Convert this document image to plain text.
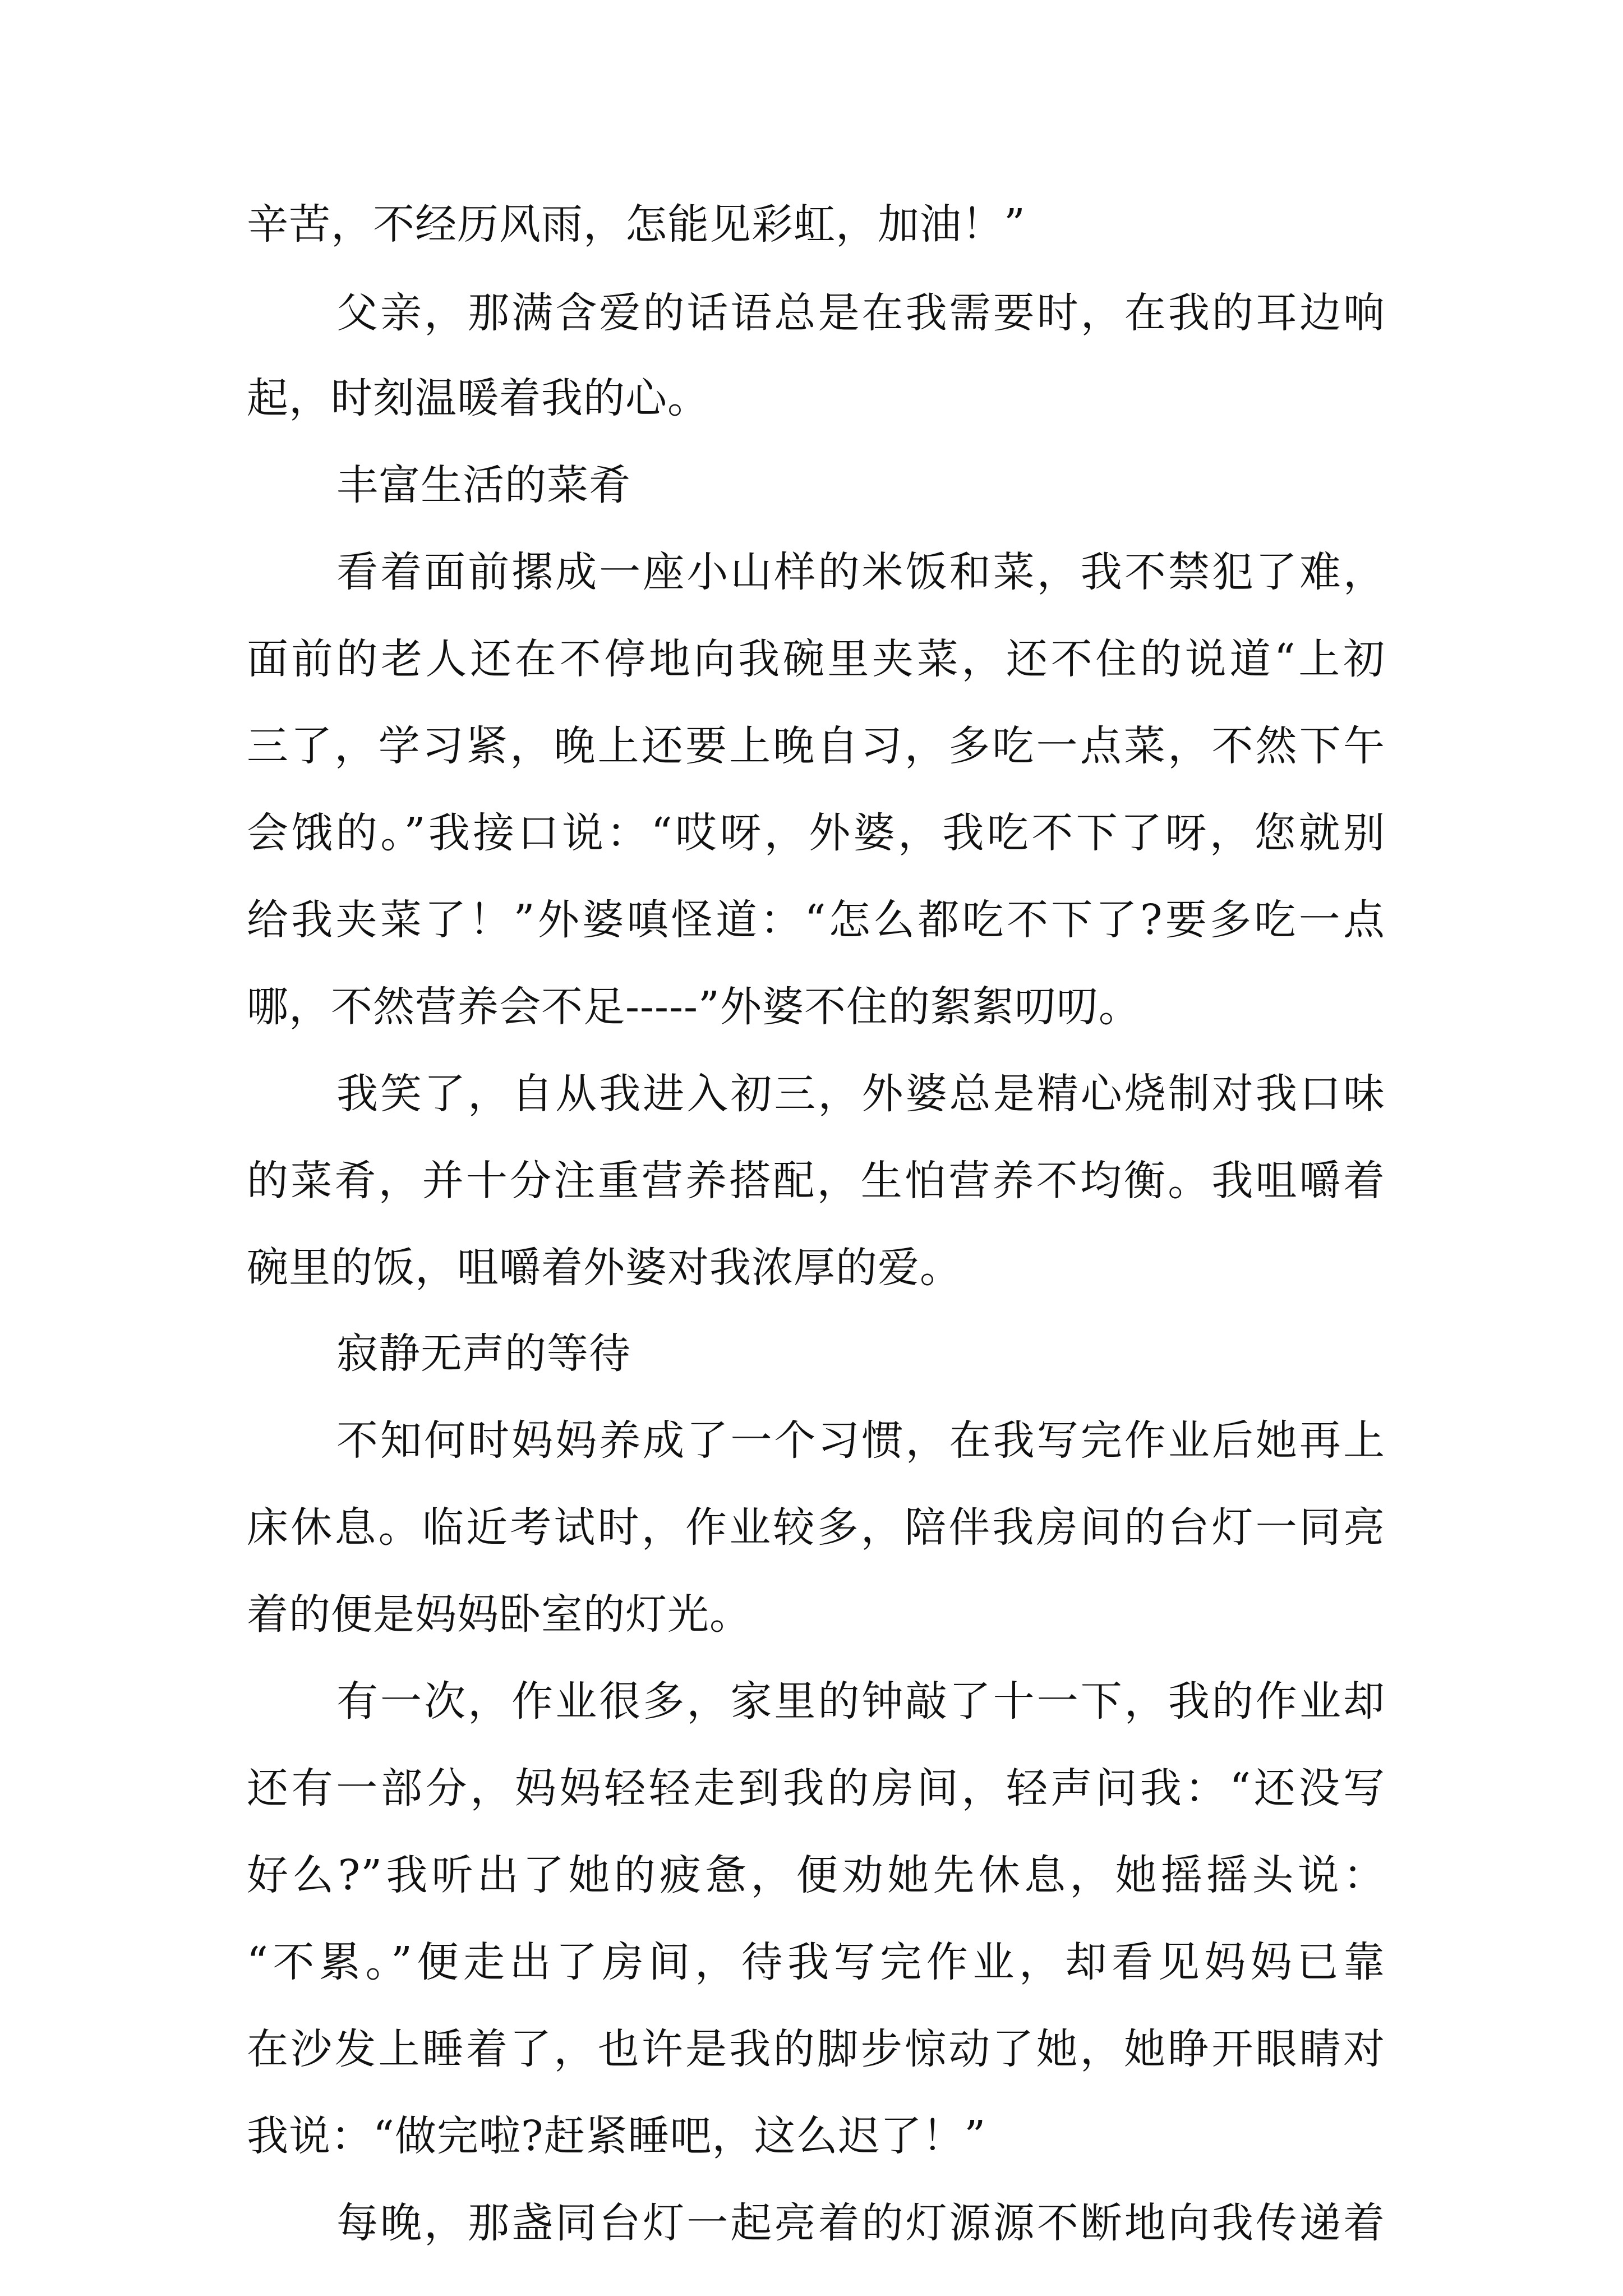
辛苦，不经历风雨，怎能见彩虹，加油！”
父亲，那满含爱的话语总是在我需要时，在我的耳边响
起，时刻温暖着我的心。
丰富生活的菜肴
看着面前摞成一座小山样的米饭和菜，我不禁犯了难，
面前的老人还在不停地向我碗里夹菜，还不住的说道“上初
三了，学习紧，晚上还要上晚自习，多吃一点菜，不然下午
会饿的。”我接口说：“哎呀，外婆，我吃不下了呀，您就别
给我夹菜了！”外婆嗔怪道：“怎么都吃不下了?要多吃一点
哪，不然营养会不足-----”外婆不住的絮絮叨叨。
我笑了，自从我进入初三，外婆总是精心烧制对我口味
的菜肴，并十分注重营养搭配，生怕营养不均衡。我咀嚼着
碗里的饭，咀嚼着外婆对我浓厚的爱。
寂静无声的等待
不知何时妈妈养成了一个习惯，在我写完作业后她再上
床休息。临近考试时，作业较多，陪伴我房间的台灯一同亮
着的便是妈妈卧室的灯光。
有一次，作业很多，家里的钟敲了十一下，我的作业却
还有一部分，妈妈轻轻走到我的房间，轻声问我：“还没写
好么?”我听出了她的疲惫，便劝她先休息，她摇摇头说：
“不累。”便走出了房间，待我写完作业，却看见妈妈已靠
在沙发上睡着了，也许是我的脚步惊动了她，她睁开眼睛对
我说：“做完啦?赶紧睡吧，这么迟了！”
每晚，那盏同台灯一起亮着的灯源源不断地向我传递着
